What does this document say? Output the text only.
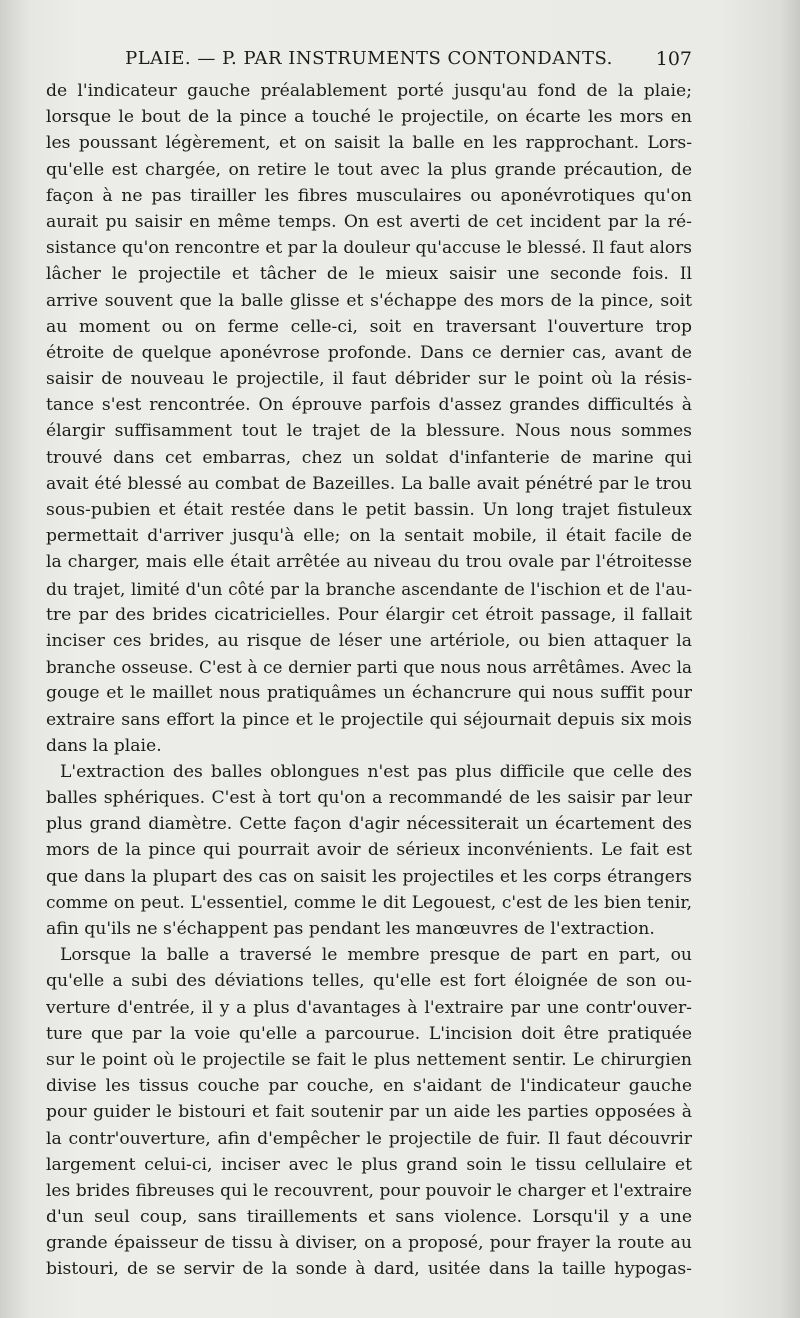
PLAIE. — P. PAR INSTRUMENTS CONTONDANTS.	107
de l'indicateur gauche préalablement porté jusqu'au fond de la plaie;
lorsque le bout de la pince a touché le projectile, on écarte les mors en
les poussant légèrement, et on saisit la balle en les rapprochant. Lors-
qu'elle est chargée, on retire le tout avec la plus grande précaution, de
façon à ne pas tirailler les fibres musculaires ou aponévrotiques qu'on
aurait pu saisir en même temps. On est averti de cet incident par la ré-
sistance qu'on rencontre et par la douleur qu'accuse le blessé. Il faut alors
lâcher le projectile et tâcher de le mieux saisir une seconde fois. Il
arrive souvent que la balle glisse et s'échappe des mors de la pince, soit
au moment ou on ferme celle-ci, soit en traversant l'ouverture trop
étroite de quelque aponévrose profonde. Dans ce dernier cas, avant de
saisir de nouveau le projectile, il faut débrider sur le point où la résis-
tance s'est rencontrée. On éprouve parfois d'assez grandes difficultés à
élargir suffisamment tout le trajet de la blessure. Nous nous sommes
trouvé dans cet embarras, chez un soldat d'infanterie de marine qui
avait été blessé au combat de Bazeilles. La balle avait pénétré par le trou
sous-pubien et était restée dans le petit bassin. Un long trajet fistuleux
permettait d'arriver jusqu'à elle; on la sentait mobile, il était facile de
la charger, mais elle était arrêtée au niveau du trou ovale par l'étroitesse
du trajet, limité d'un côté par la branche ascendante de l'ischion et de l'au-
tre par des brides cicatricielles. Pour élargir cet étroit passage, il fallait
inciser ces brides, au risque de léser une artériole, ou bien attaquer la
branche osseuse. C'est à ce dernier parti que nous nous arrêtâmes. Avec la
gouge et le maillet nous pratiquâmes un échancrure qui nous suffit pour
extraire sans effort la pince et le projectile qui séjournait depuis six mois
dans la plaie.
L'extraction des balles oblongues n'est pas plus difficile que celle des
balles sphériques. C'est à tort qu'on a recommandé de les saisir par leur
plus grand diamètre. Cette façon d'agir nécessiterait un écartement des
mors de la pince qui pourrait avoir de sérieux inconvénients. Le fait est
que dans la plupart des cas on saisit les projectiles et les corps étrangers
comme on peut. L'essentiel, comme le dit Legouest, c'est de les bien tenir,
afin qu'ils ne s'échappent pas pendant les manœuvres de l'extraction.
Lorsque la balle a traversé le membre presque de part en part, ou
qu'elle a subi des déviations telles, qu'elle est fort éloignée de son ou-
verture d'entrée, il y a plus d'avantages à l'extraire par une contr'ouver-
ture que par la voie qu'elle a parcourue. L'incision doit être pratiquée
sur le point où le projectile se fait le plus nettement sentir. Le chirurgien
divise les tissus couche par couche, en s'aidant de l'indicateur gauche
pour guider le bistouri et fait soutenir par un aide les parties opposées à
la contr'ouverture, afin d'empêcher le projectile de fuir. Il faut découvrir
largement celui-ci, inciser avec le plus grand soin le tissu cellulaire et
les brides fibreuses qui le recouvrent, pour pouvoir le charger et l'extraire
d'un seul coup, sans tiraillements et sans violence. Lorsqu'il y a une
grande épaisseur de tissu à diviser, on a proposé, pour frayer la route au
bistouri, de se servir de la sonde à dard, usitée dans la taille hypogas-
